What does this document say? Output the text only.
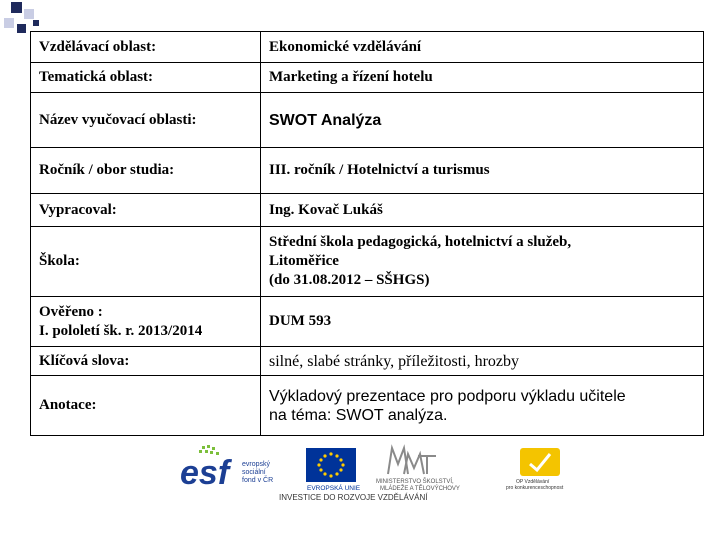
Vzdělávací oblast:	Ekonomické vzdělávání
Tematická oblast:	Marketing a řízení hotelu
Název vyučovací oblasti:	SWOT Analýza
Ročník / obor studia:	III. ročník / Hotelnictví a turismus
Vypracoval:	Ing. Kovač Lukáš
Škola:	Střední škola pedagogická, hotelnictví a služeb,
Litoměřice
(do 31.08.2012 – SŠHGS)
Ověřeno :
I. pololetí šk. r. 2013/2014	DUM 593
Klíčová slova:	silné, slabé stránky, příležitosti, hrozby
Anotace:	Výkladový prezentace pro podporu výkladu učitele
na téma: SWOT analýza.
esf	evropský sociální fond v ČR
EVROPSKÁ UNIE
MINISTERSTVO ŠKOLSTVÍ, MLÁDEŽE A TĚLOVÝCHOVY
OP Vzdělávání pro konkurenceschopnost
INVESTICE DO ROZVOJE VZDĚLÁVÁNÍ
